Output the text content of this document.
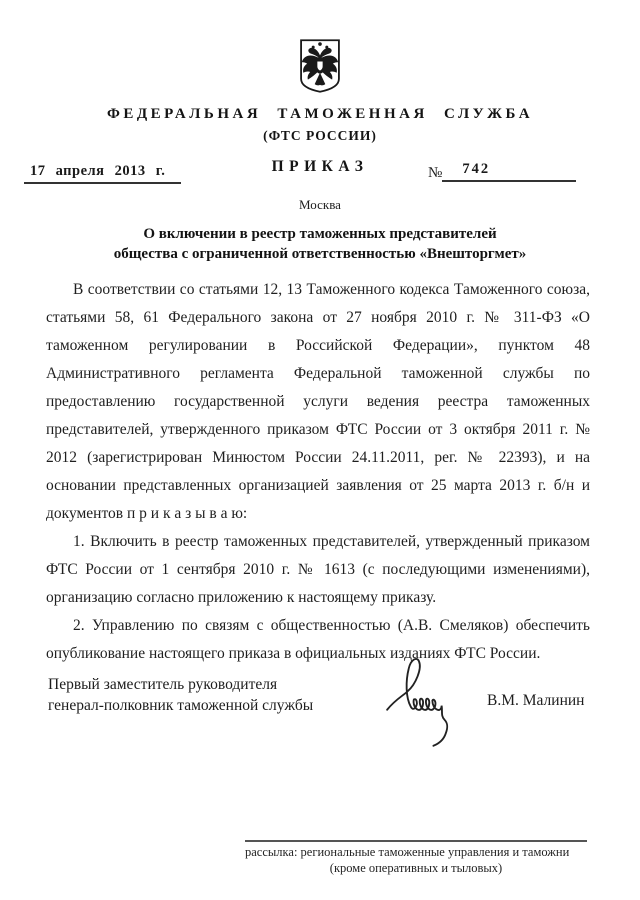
ФЕДЕРАЛЬНАЯ ТАМОЖЕННАЯ СЛУЖБА
(ФТС РОССИИ)
ПРИКАЗ
17 апреля 2013 г.	№ 742
Москва
О включении в реестр таможенных представителей
общества с ограниченной ответственностью «Внешторгмет»

В соответствии со статьями 12, 13 Таможенного кодекса Таможенного союза, статьями 58, 61 Федерального закона от 27 ноября 2010 г. № 311-ФЗ «О таможенном регулировании в Российской Федерации», пунктом 48 Административного регламента Федеральной таможенной службы по предоставлению государственной услуги ведения реестра таможенных представителей, утвержденного приказом ФТС России от 3 октября 2011 г. № 2012 (зарегистрирован Минюстом России 24.11.2011, рег. № 22393), и на основании представленных организацией заявления от 25 марта 2013 г. б/н и документов п р и к а з ы в а ю:

1. Включить в реестр таможенных представителей, утвержденный приказом ФТС России от 1 сентября 2010 г. № 1613 (с последующими изменениями), организацию согласно приложению к настоящему приказу.

2. Управлению по связям с общественностью (А.В. Смеляков) обеспечить опубликование настоящего приказа в официальных изданиях ФТС России.

Первый заместитель руководителя
генерал-полковник таможенной службы	В.М. Малинин
рассылка: региональные таможенные управления и таможни
(кроме оперативных и тыловых)
